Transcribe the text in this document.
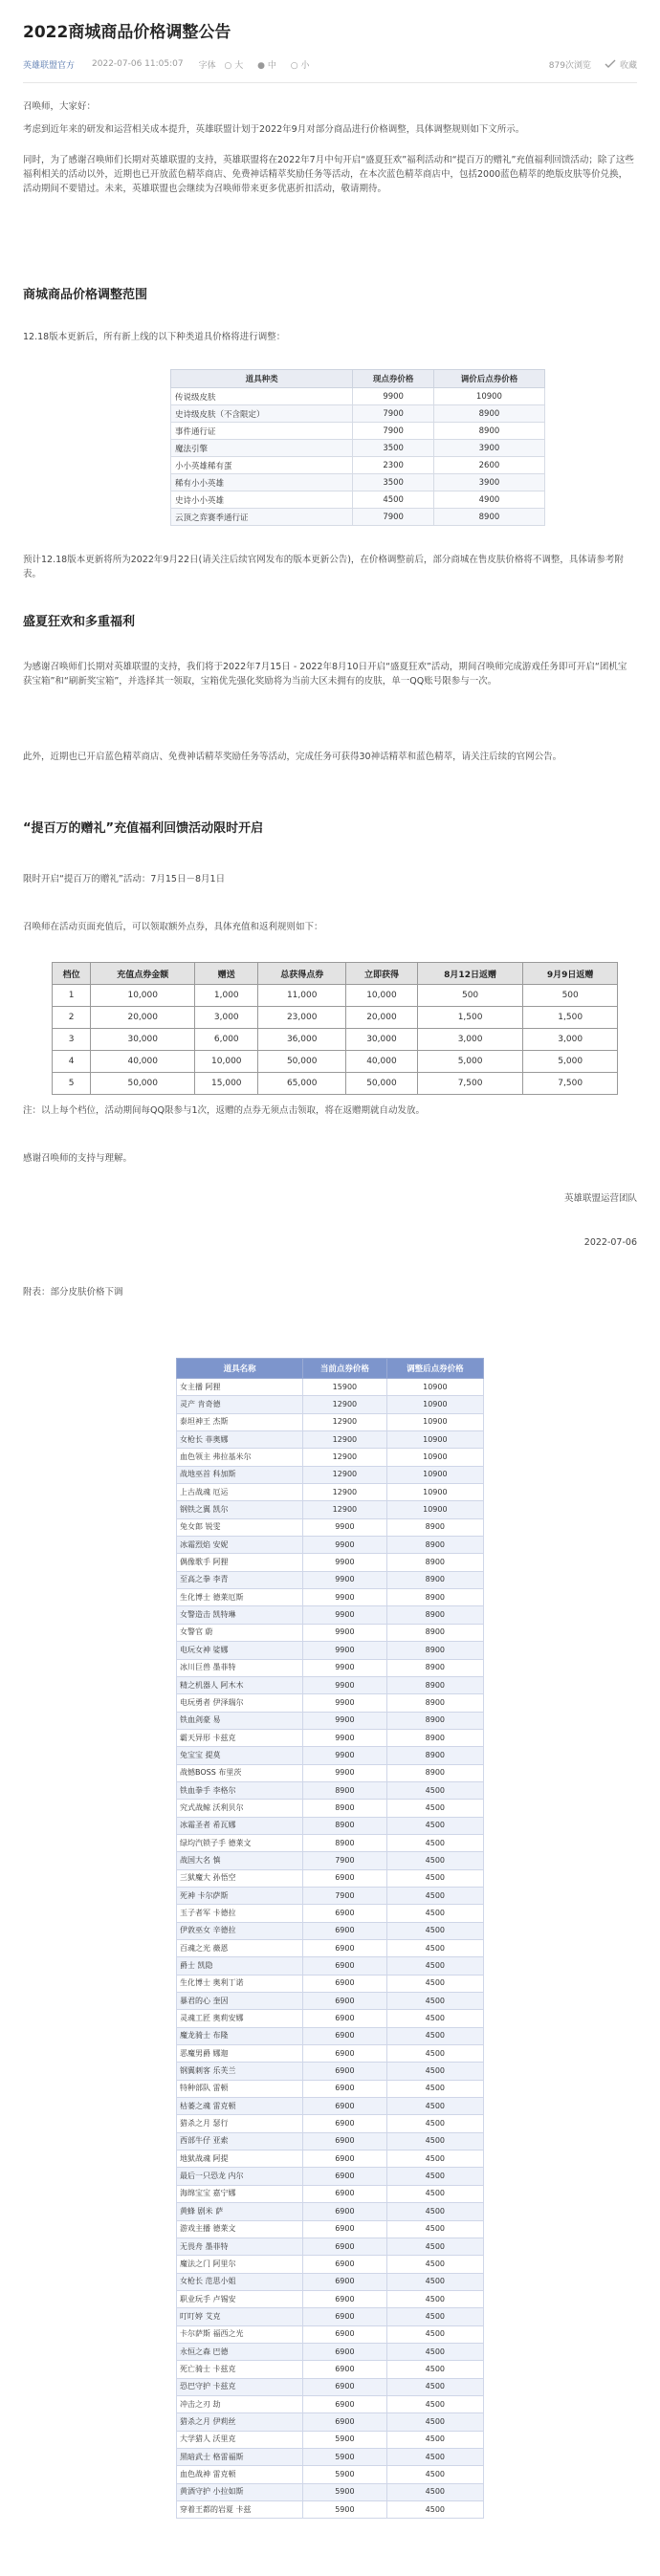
2022商城商品价格调整公告
英雄联盟官方 2022-07-06 11:05:07 字体 ○ 大 ● 中 ○ 小	879次浏览	收藏

召唤师，大家好：

考虑到近年来的研发和运营相关成本提升，英雄联盟计划于2022年9月对部分商品进行价格调整，具体调整规则如下文所示。

同时，为了感谢召唤师们长期对英雄联盟的支持，英雄联盟将在2022年7月中旬开启“盛夏狂欢”福利活动和“提百万的赠礼”充值福利回馈活动；除了这些福利相关的活动以外，近期也已开放蓝色精萃商店、免费神话精萃奖励任务等活动，在本次蓝色精萃商店中，包括2000蓝色精萃的绝版皮肤等价兑换，活动期间不要错过。未来，英雄联盟也会继续为召唤师带来更多优惠折扣活动，敬请期待。

商城商品价格调整范围

12.18版本更新后，所有新上线的以下种类道具价格将进行调整：

道具种类	现点券价格	调价后点券价格
传说级皮肤	9900	10900
史诗级皮肤（不含限定）	7900	8900
事件通行证	7900	8900
魔法引擎	3500	3900
小小英雄稀有蛋	2300	2600
稀有小小英雄	3500	3900
史诗小小英雄	4500	4900
云顶之弈赛季通行证	7900	8900

预计12.18版本更新将所为2022年9月22日(请关注后续官网发布的版本更新公告)，在价格调整前后，部分商城在售皮肤价格将不调整，具体请参考附表。

盛夏狂欢和多重福利

为感谢召唤师们长期对英雄联盟的支持，我们将于2022年7月15日 - 2022年8月10日开启“盛夏狂欢”活动，期间召唤师完成游戏任务即可开启“团机宝获宝箱”和“刷新奖宝箱”，并选择其一领取，宝箱优先强化奖励将为当前大区未拥有的皮肤，单一QQ账号限参与一次。

此外，近期也已开启蓝色精萃商店、免费神话精萃奖励任务等活动，完成任务可获得30神话精萃和蓝色精萃，请关注后续的官网公告。

“提百万的赠礼”充值福利回馈活动限时开启

限时开启“提百万的赠礼”活动：7月15日－8月1日

召唤师在活动页面充值后，可以领取额外点券，具体充值和返利规则如下：

档位	充值点券金额	赠送	总获得点券	立即获得	8月12日返赠	9月9日返赠
1	10,000	1,000	11,000	10,000	500	500
2	20,000	3,000	23,000	20,000	1,500	1,500
3	30,000	6,000	36,000	30,000	3,000	3,000
4	40,000	10,000	50,000	40,000	5,000	5,000
5	50,000	15,000	65,000	50,000	7,500	7,500

注：以上每个档位，活动期间每QQ限参与1次，返赠的点券无须点击领取，将在返赠期就自动发放。

感谢召唤师的支持与理解。

英雄联盟运营团队

2022-07-06

附表：部分皮肤价格下调

道具名称	当前点券价格	调整后点券价格
女主播 阿狸	15900	10900
灵产 肯奇德	12900	10900
泰坦神王 杰斯	12900	10900
女枪长 菲奥娜	12900	10900
血色领主 弗拉基米尔	12900	10900
战地巫首 科加斯	12900	10900
上古战魂 厄运	12900	10900
钢铁之翼 凯尔	12900	10900
兔女郎 锐雯	9900	8900
冰霜烈焰 安妮	9900	8900
偶像歌手 阿狸	9900	8900
至高之拳 李青	9900	8900
生化博士 德莱厄斯	9900	8900
女警造击 凯特琳	9900	8900
女警官 蔚	9900	8900
电玩女神 娑娜	9900	8900
冰川巨兽 墨菲特	9900	8900
精之机器人 阿木木	9900	8900
电玩勇者 伊泽瑞尔	9900	8900
铁血剑豪 易	9900	8900
霸天异形 卡兹克	9900	8900
兔宝宝 提莫	9900	8900
战憾BOSS 布里茨	9900	8900
铁血拳手 李格尔	8900	4500
究式战鲸 沃利贝尔	8900	4500
冰霜圣者 希瓦娜	8900	4500
绿均汽锁子手 德莱文	8900	4500
战国大名 慎	7900	4500
三狱魔大 孙悟空	6900	4500
死神 卡尔萨斯	7900	4500
玉子者军 卡德拉	6900	4500
伊敦巫女 辛德拉	6900	4500
百魂之光 薇恩	6900	4500
爵士 凯隐	6900	4500
生化博士 奥利丁诺	6900	4500
暴君的心 奎因	6900	4500
灵魂工匠 奥莉安娜	6900	4500
魔龙骑士 布隆	6900	4500
恶魔男爵 娜迦	6900	4500
钢翼刺客 乐芙兰	6900	4500
特种部队 雷顿	6900	4500
枯萎之魂 雷克顿	6900	4500
猎杀之月 瑟行	6900	4500
西部牛仔 亚索	6900	4500
地狱战魂 阿提	6900	4500
最后一只恐龙 内尔	6900	4500
海绵宝宝 嘉宁娜	6900	4500
黄蜂 剧米 萨	6900	4500
游戏主播 德莱文	6900	4500
无畏舟 墨菲特	6900	4500
魔法之门 阿里尔	6900	4500
女枪长 范思小姐	6900	4500
职业玩手 卢锡安	6900	4500
叮叮婷 艾克	6900	4500
卡尔萨斯 福西之光	6900	4500
永恒之森 巴德	6900	4500
死亡骑士 卡兹克	6900	4500
恐巴守护 卡兹克	6900	4500
冲击之刃 劫	6900	4500
猎杀之月 伊莉丝	6900	4500
大学猎人 沃里克	5900	4500
黑暗武士 格雷福斯	5900	4500
血色战神 雷克顿	5900	4500
黄酒守护 小拉如斯	5900	4500
穿着王都的岩夏 卡兹	5900	4500
